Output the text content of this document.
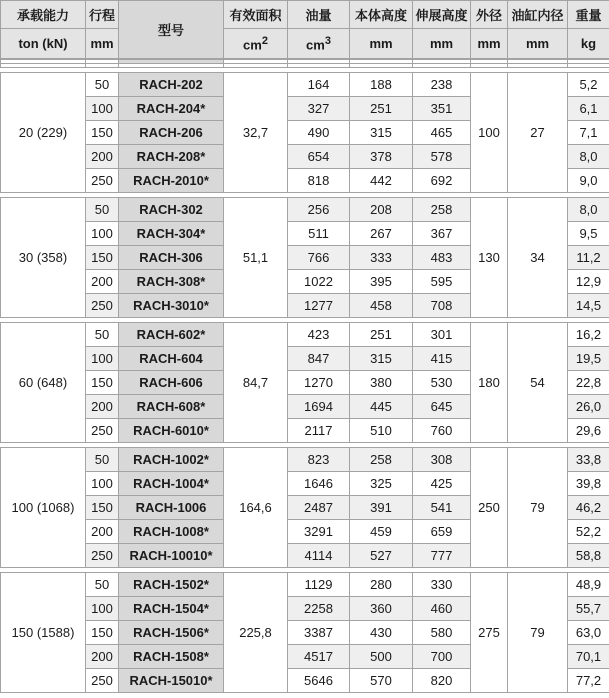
承载能力	行程	型号	有效面积	油量	本体高度	伸展高度	外径	油缸内径	重量
ton (kN)	mm		$cm^2$	$cm^3$	mm	mm	mm	mm	kg

20 (229)	50	RACH-202	32,7	164	188	238	100	27	5,2
	100	RACH-204*		327	251	351			6,1
	150	RACH-206		490	315	465			7,1
	200	RACH-208*		654	378	578			8,0
	250	RACH-2010*		818	442	692			9,0
30 (358)	50	RACH-302	51,1	256	208	258	130	34	8,0
	100	RACH-304*		511	267	367			9,5
	150	RACH-306		766	333	483			11,2
	200	RACH-308*		1022	395	595			12,9
	250	RACH-3010*		1277	458	708			14,5
60 (648)	50	RACH-602*	84,7	423	251	301	180	54	16,2
	100	RACH-604		847	315	415			19,5
	150	RACH-606		1270	380	530			22,8
	200	RACH-608*		1694	445	645			26,0
	250	RACH-6010*		2117	510	760			29,6
100 (1068)	50	RACH-1002*	164,6	823	258	308	250	79	33,8
	100	RACH-1004*		1646	325	425			39,8
	150	RACH-1006		2487	391	541			46,2
	200	RACH-1008*		3291	459	659			52,2
	250	RACH-10010*		4114	527	777			58,8
150 (1588)	50	RACH-1502*	225,8	1129	280	330	275	79	48,9
	100	RACH-1504*		2258	360	460			55,7
	150	RACH-1506*		3387	430	580			63,0
	200	RACH-1508*		4517	500	700			70,1
	250	RACH-15010*		5646	570	820			77,2
